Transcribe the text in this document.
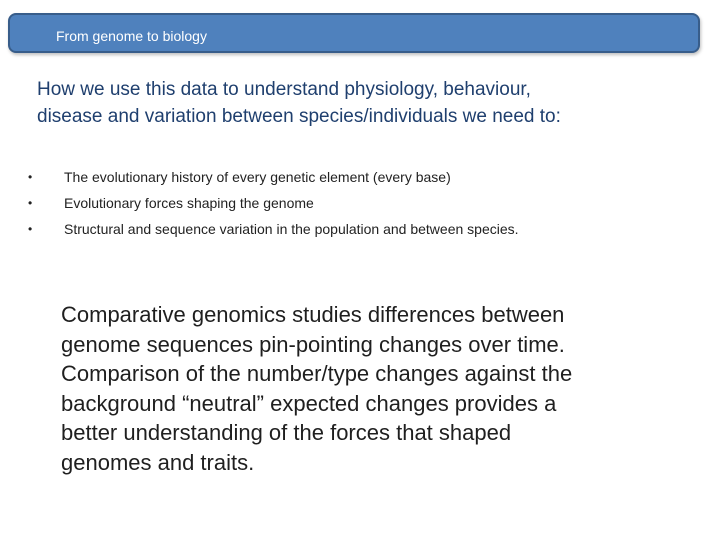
From genome to biology
How we use this data to understand physiology, behaviour,
disease and variation between species/individuals we need to:
•	The evolutionary history of every genetic element (every base)
•	Evolutionary forces shaping the genome
•	Structural and sequence variation in the population and between species.

Comparative genomics studies differences between
genome sequences pin-pointing changes over time.
Comparison of the number/type changes against the
background “neutral” expected changes provides a
better understanding of the forces that shaped
genomes and traits.
